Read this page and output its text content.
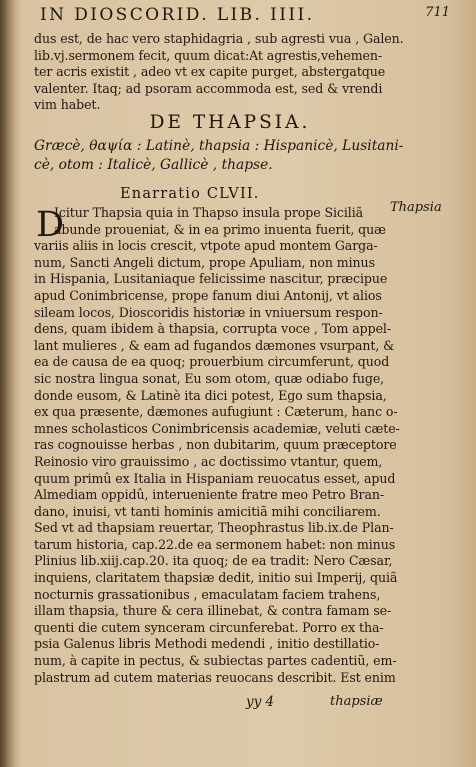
IN DIOSCORID. LIB. IIII.	711
dus est, de hac vero staphidagria , sub agresti vua , Galen.
lib.vj.sermonem fecit, quum dicat:At agrestis,vehemen-
ter acris existit , adeo vt ex capite purget, abstergatque
valenter. Itaq; ad psoram accommoda est, sed & vrendi
vim habet.
DE THAPSIA.
Græcè, θαψία : Latinè, thapsia : Hispanicè, Lusitani-
cè, otom : Italicè, Gallicè , thapse.
Enarratio CLVII.
Thapsia
D
Icitur Thapsia quia in Thapso insula prope Siciliã
abunde proueniat, & in ea primo inuenta fuerit, quæ
variis aliis in locis crescit, vtpote apud montem Garga-
num, Sancti Angeli dictum, prope Apuliam, non minus
in Hispania, Lusitaniaque felicissime nascitur, præcipue
apud Conimbricense, prope fanum diui Antonij, vt alios
sileam locos, Dioscoridis historiæ in vniuersum respon-
dens, quam ibidem à thapsia, corrupta voce , Tom appel-
lant mulieres , & eam ad fugandos dæmones vsurpant, &
ea de causa de ea quoq; prouerbium circumferunt, quod
sic nostra lingua sonat, Eu som otom, quæ odiabo fuge,
donde eusom, & Latinè ita dici potest, Ego sum thapsia,
ex qua præsente, dæmones aufugiunt : Cæterum, hanc o-
mnes scholasticos Conimbricensis academiæ, veluti cæte-
ras cognouisse herbas , non dubitarim, quum præceptore
Reinosio viro grauissimo , ac doctissimo vtantur, quem,
quum primû ex Italia in Hispaniam reuocatus esset, apud
Almediam oppidû, interueniente fratre meo Petro Bran-
dano, inuisi, vt tanti hominis amicitiã mihi conciliarem.
Sed vt ad thapsiam reuertar, Theophrastus lib.ix.de Plan-
tarum historia, cap.22.de ea sermonem habet: non minus
Plinius lib.xiij.cap.20. ita quoq; de ea tradit: Nero Cæsar,
inquiens, claritatem thapsiæ dedit, initio sui Imperij, quiã
nocturnis grassationibus , emaculatam faciem trahens,
illam thapsia, thure & cera illinebat, & contra famam se-
quenti die cutem synceram circunferebat. Porro ex tha-
psia Galenus libris Methodi medendi , initio destillatio-
num, à capite in pectus, & subiectas partes cadentiũ, em-
plastrum ad cutem materias reuocans describit. Est enim
yy 4	thapsiæ
